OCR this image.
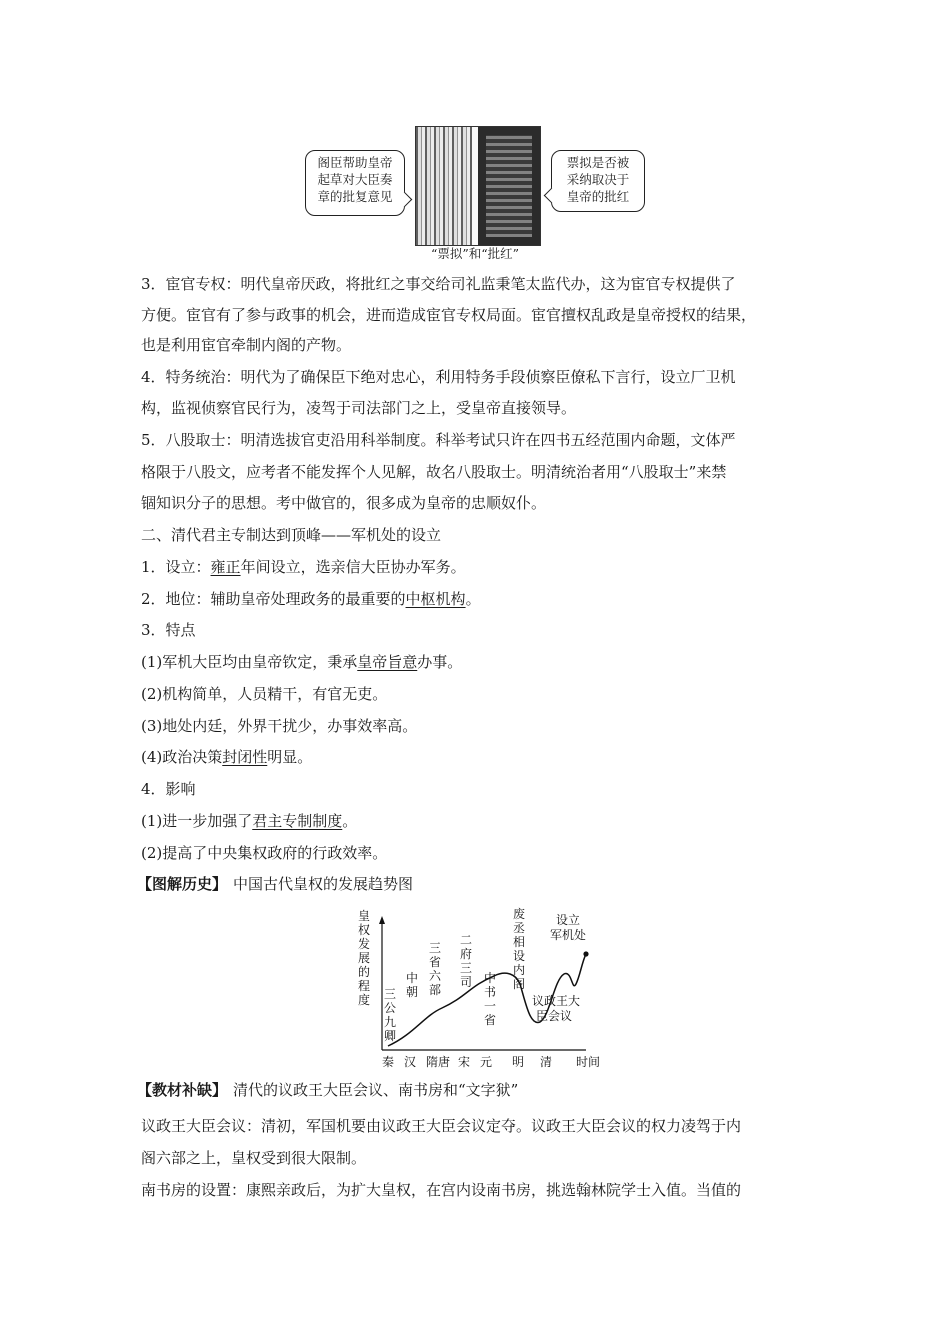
阁臣帮助皇帝
起草对大臣奏
章的批复意见
票拟是否被
采纳取决于
皇帝的批红
“票拟”和“批红”
3．宦官专权：明代皇帝厌政，将批红之事交给司礼监秉笔太监代办，这为宦官专权提供了
方便。宦官有了参与政事的机会，进而造成宦官专权局面。宦官擅权乱政是皇帝授权的结果，
也是利用宦官牵制内阁的产物。
4．特务统治：明代为了确保臣下绝对忠心，利用特务手段侦察臣僚私下言行，设立厂卫机
构，监视侦察官民行为，凌驾于司法部门之上，受皇帝直接领导。
5．八股取士：明清选拔官吏沿用科举制度。科举考试只许在四书五经范围内命题，文体严
格限于八股文，应考者不能发挥个人见解，故名八股取士。明清统治者用“八股取士”来禁
锢知识分子的思想。考中做官的，很多成为皇帝的忠顺奴仆。
二、清代君主专制达到顶峰——军机处的设立
1．设立：雍正年间设立，选亲信大臣协办军务。
2．地位：辅助皇帝处理政务的最重要的中枢机构。
3．特点
(1)军机大臣均由皇帝钦定，秉承皇帝旨意办事。
(2)机构简单，人员精干，有官无吏。
(3)地处内廷，外界干扰少，办事效率高。
(4)政治决策封闭性明显。
4．影响
(1)进一步加强了君主专制制度。
(2)提高了中央集权政府的行政效率。
【图解历史】 中国古代皇权的发展趋势图
皇
权
发
展
的
程
度 三
公
九
卿
中
朝
三
省
六
部
二
府
三
司 中
书
一
省
废
丞
相
设
内
阁
议政王大
臣会议
设立
军机处
秦 汉 隋唐 宋 元 明 清 时间
【教材补缺】 清代的议政王大臣会议、南书房和“文字狱”
议政王大臣会议：清初，军国机要由议政王大臣会议定夺。议政王大臣会议的权力凌驾于内
阁六部之上，皇权受到很大限制。
南书房的设置：康熙亲政后，为扩大皇权，在宫内设南书房，挑选翰林院学士入值。当值的
